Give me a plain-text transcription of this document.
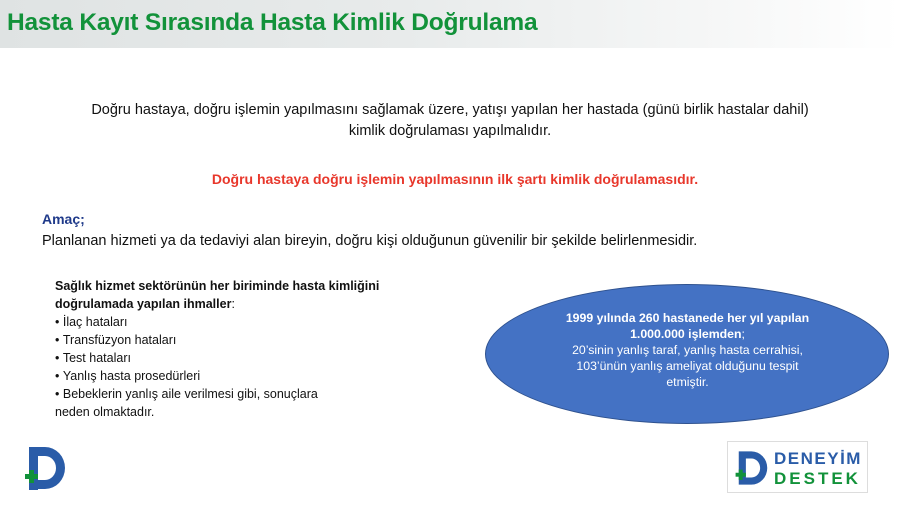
Hasta Kayıt Sırasında Hasta Kimlik Doğrulama
Doğru hastaya, doğru işlemin yapılmasını sağlamak üzere, yatışı yapılan her hastada (günü birlik hastalar dahil)
kimlik doğrulaması yapılmalıdır.
Doğru hastaya doğru işlemin yapılmasının ilk şartı kimlik doğrulamasıdır.
Amaç;
Planlanan hizmeti ya da tedaviyi alan bireyin, doğru kişi olduğunun güvenilir bir şekilde belirlenmesidir.
Sağlık hizmet sektörünün her biriminde hasta kimliğini
doğrulamada yapılan ihmaller:
• İlaç hataları
• Transfüzyon hataları
• Test hataları
• Yanlış hasta prosedürleri
• Bebeklerin yanlış aile verilmesi gibi, sonuçlara
neden olmaktadır.
1999 yılında 260 hastanede her yıl yapılan
1.000.000 işlemden;
20’sinin yanlış taraf, yanlış hasta cerrahisi,
103’ünün yanlış ameliyat olduğunu tespit
etmiştir.
DENEYİM
DESTEK
